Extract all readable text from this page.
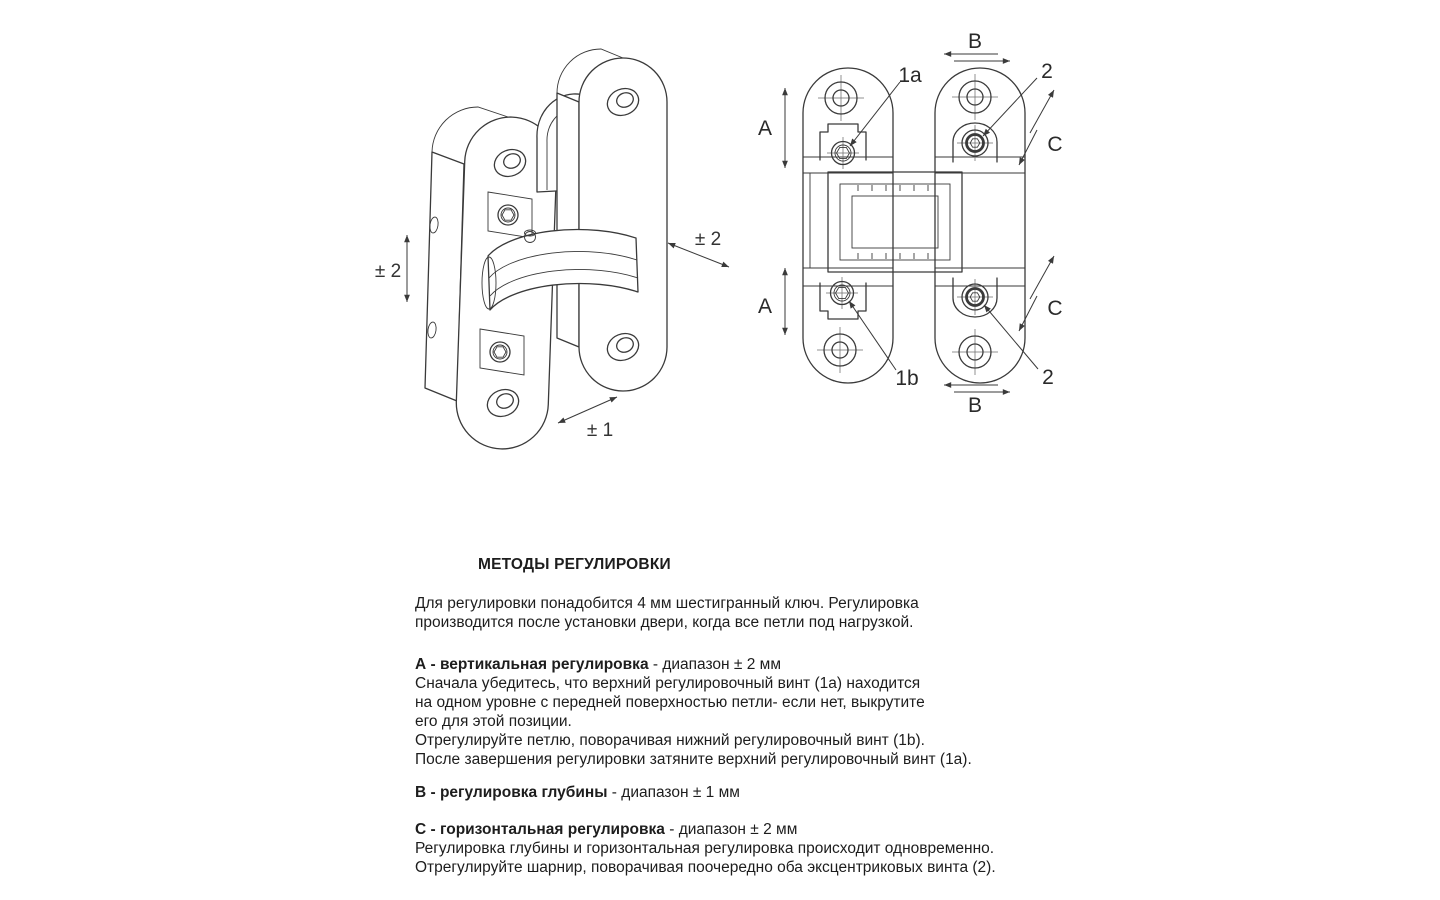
± 2
± 2
± 1
A
A
B
B
C
C
1a	2
1b	2
МЕТОДЫ РЕГУЛИРОВКИ
Для регулировки понадобится 4 мм шестигранный ключ. Регулировка
производится после установки двери, когда все петли под нагрузкой.
А - вертикальная регулировка - диапазон ± 2 мм
Сначала убедитесь, что верхний регулировочный винт (1а) находится
на одном уровне с передней поверхностью петли- если нет, выкрутите
его для этой позиции.
Отрегулируйте петлю, поворачивая нижний регулировочный винт (1b).
После завершения регулировки затяните верхний регулировочный винт (1а).
В - регулировка глубины - диапазон ± 1 мм
С - горизонтальная регулировка - диапазон ± 2 мм
Регулировка глубины и горизонтальная регулировка происходит одновременно.
Отрегулируйте шарнир, поворачивая поочередно оба эксцентриковых винта (2).
